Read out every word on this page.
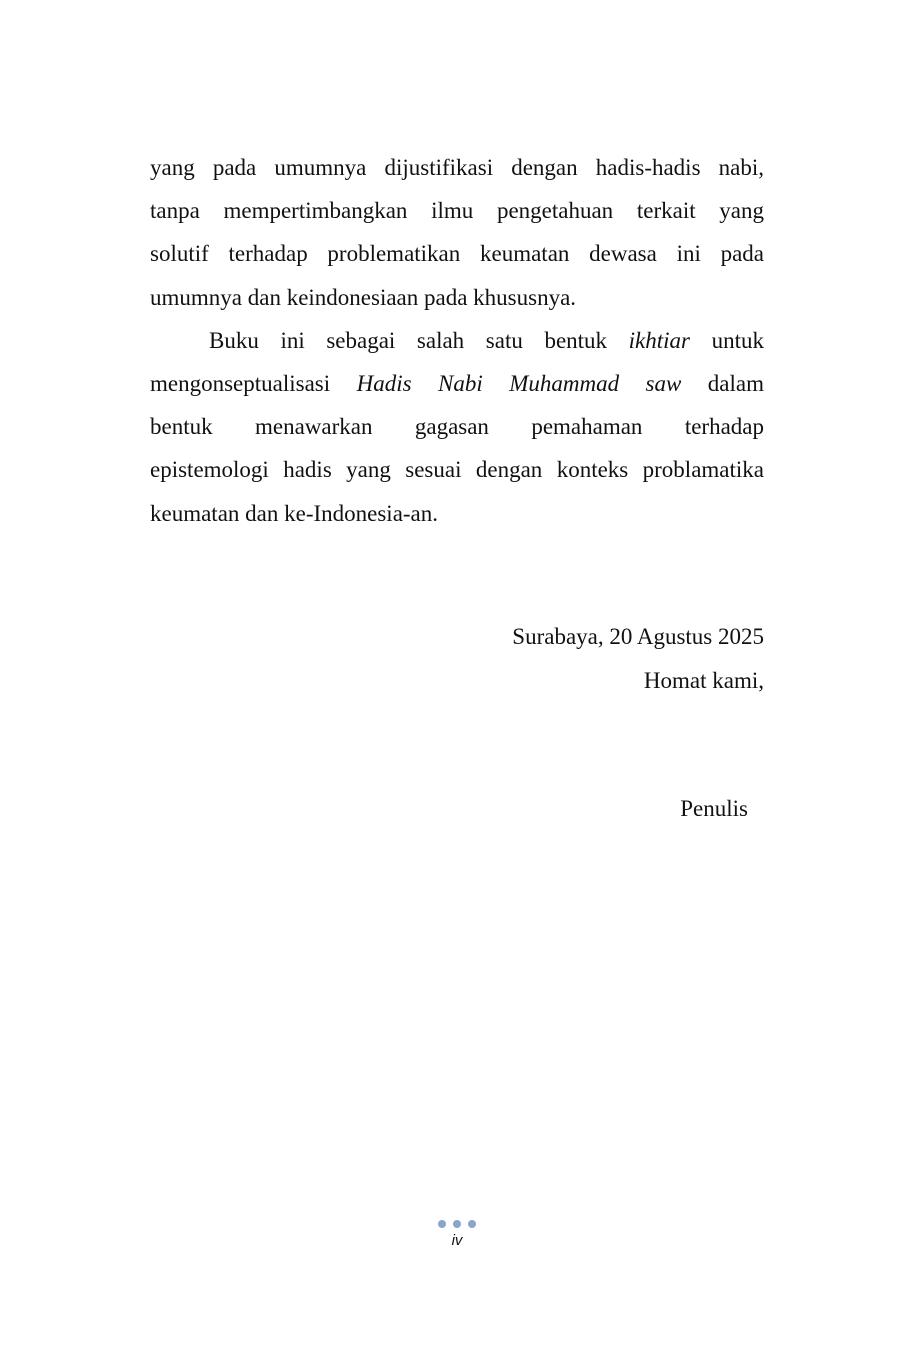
yang pada umumnya dijustifikasi dengan hadis-hadis nabi,
tanpa mempertimbangkan ilmu pengetahuan terkait yang
solutif terhadap problematikan keumatan dewasa ini pada
umumnya dan keindonesiaan pada khususnya.
Buku ini sebagai salah satu bentuk ikhtiar untuk
mengonseptualisasi Hadis Nabi Muhammad saw dalam
bentuk menawarkan gagasan pemahaman terhadap
epistemologi hadis yang sesuai dengan konteks problamatika
keumatan dan ke-Indonesia-an.
Surabaya, 20 Agustus 2025
Homat kami,
Penulis
iv
